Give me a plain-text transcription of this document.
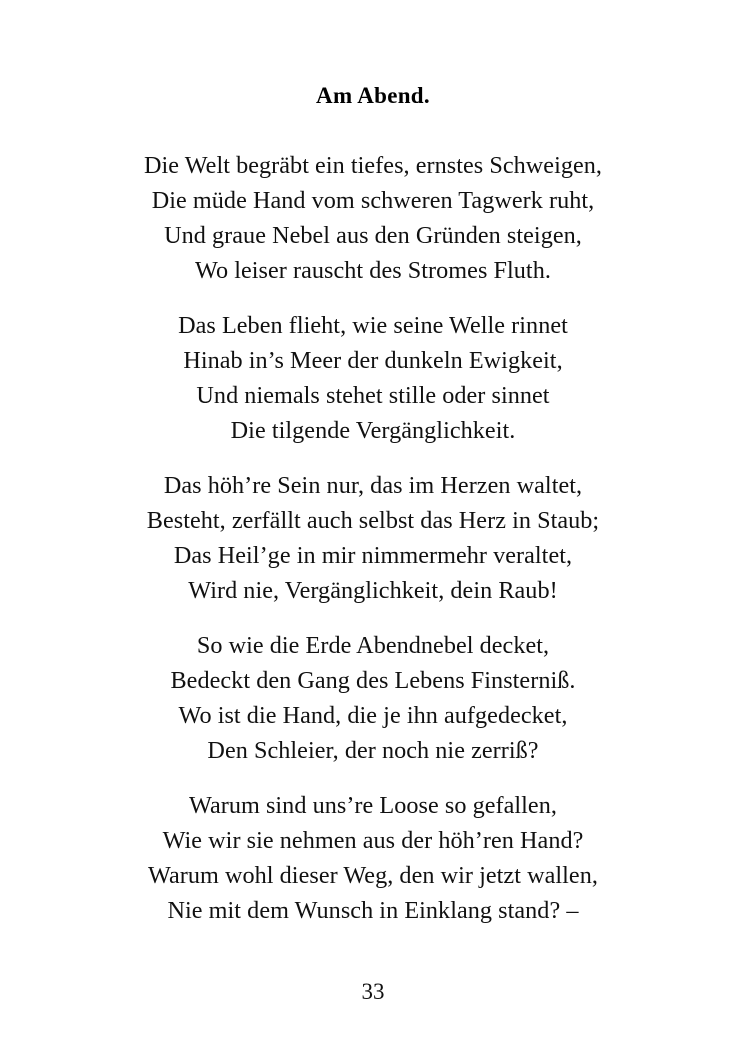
Am Abend.
Die Welt begräbt ein tiefes, ernstes Schweigen,
Die müde Hand vom schweren Tagwerk ruht,
Und graue Nebel aus den Gründen steigen,
Wo leiser rauscht des Stromes Fluth.
Das Leben flieht, wie seine Welle rinnet
Hinab in’s Meer der dunkeln Ewigkeit,
Und niemals stehet stille oder sinnet
Die tilgende Vergänglichkeit.
Das höh’re Sein nur, das im Herzen waltet,
Besteht, zerfällt auch selbst das Herz in Staub;
Das Heil’ge in mir nimmermehr veraltet,
Wird nie, Vergänglichkeit, dein Raub!
So wie die Erde Abendnebel decket,
Bedeckt den Gang des Lebens Finsterniß.
Wo ist die Hand, die je ihn aufgedecket,
Den Schleier, der noch nie zerriß?
Warum sind uns’re Loose so gefallen,
Wie wir sie nehmen aus der höh’ren Hand?
Warum wohl dieser Weg, den wir jetzt wallen,
Nie mit dem Wunsch in Einklang stand? –
33
